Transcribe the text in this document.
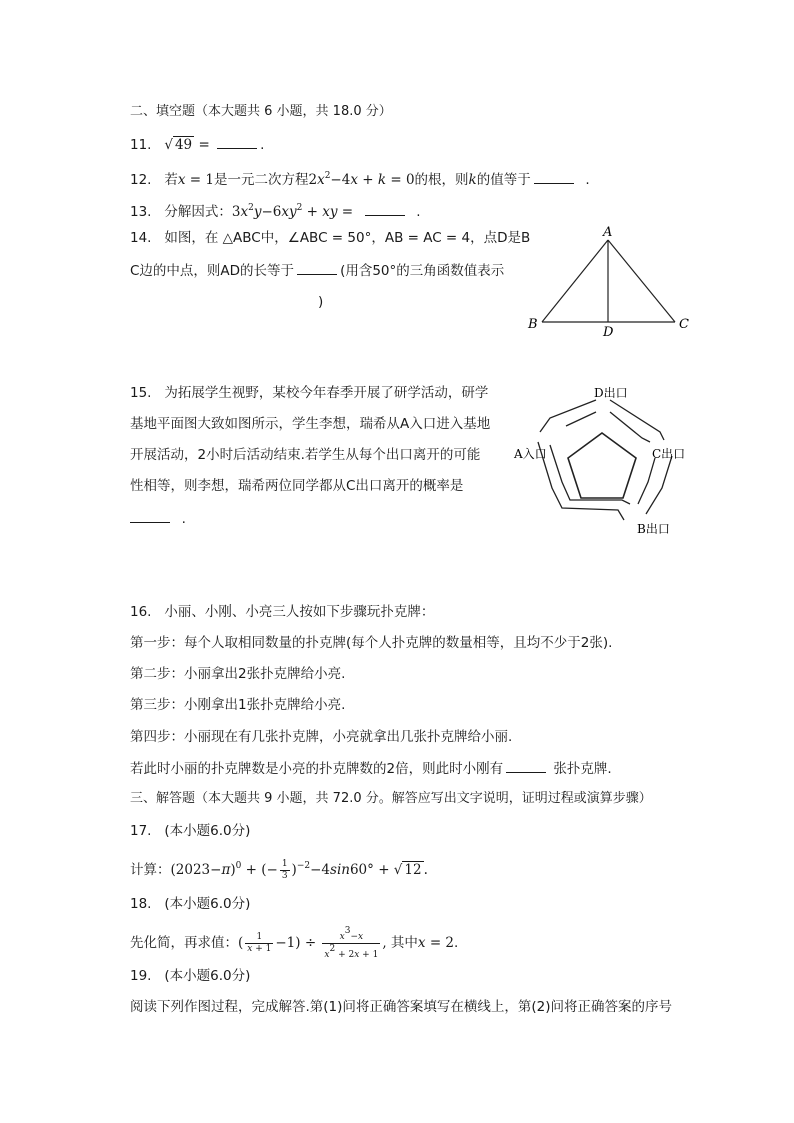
二、填空题（本大题共 6 小题，共 18.0 分）
11. √ 49 =	.
12. 若x = 1是一元二次方程$2x^2-4x + k = 0$的根，则k的值等于	.
13. 分解因式：$3x^2y-6xy^2$ + xy =	.
14. 如图，在 △ABC中，∠ABC = 50°，AB = AC = 4，点D是B
C边的中点，则AD的长等于	(用含50°的三角函数值表示
)
A
B	C
D
15. 为拓展学生视野，某校今年春季开展了研学活动，研学
基地平面图大致如图所示，学生李想，瑞希从A入口进入基地
开展活动，2小时后活动结束.若学生从每个出口离开的可能
性相等，则李想，瑞希两位同学都从C出口离开的概率是
.
A入口
D出口
C出口
B出口
16. 小丽、小刚、小亮三人按如下步骤玩扑克牌：
第一步：每个人取相同数量的扑克牌(每个人扑克牌的数量相等，且均不少于2张).
第二步：小丽拿出2张扑克牌给小亮.
第三步：小刚拿出1张扑克牌给小亮.
第四步：小丽现在有几张扑克牌，小亮就拿出几张扑克牌给小丽.
若此时小丽的扑克牌数是小亮的扑克牌数的2倍，则此时小刚有	张扑克牌.
三、解答题（本大题共 9 小题，共 72.0 分。解答应写出文字说明，证明过程或演算步骤）
17. (本小题6.0分)
计算：$(2023-\pi)^0$ + (− $\frac{1}{3} )^{-2}-4\sin 60^\circ$ + √ 12 .
18. (本小题6.0分)
先化简，再求值：( $\frac{1}{x + 1} -1) \div \frac{x^3-x}{x^2 + 2x + 1}$ , 其中x = 2.
19. (本小题6.0分)
阅读下列作图过程，完成解答.第(1)问将正确答案填写在横线上，第(2)问将正确答案的序号
